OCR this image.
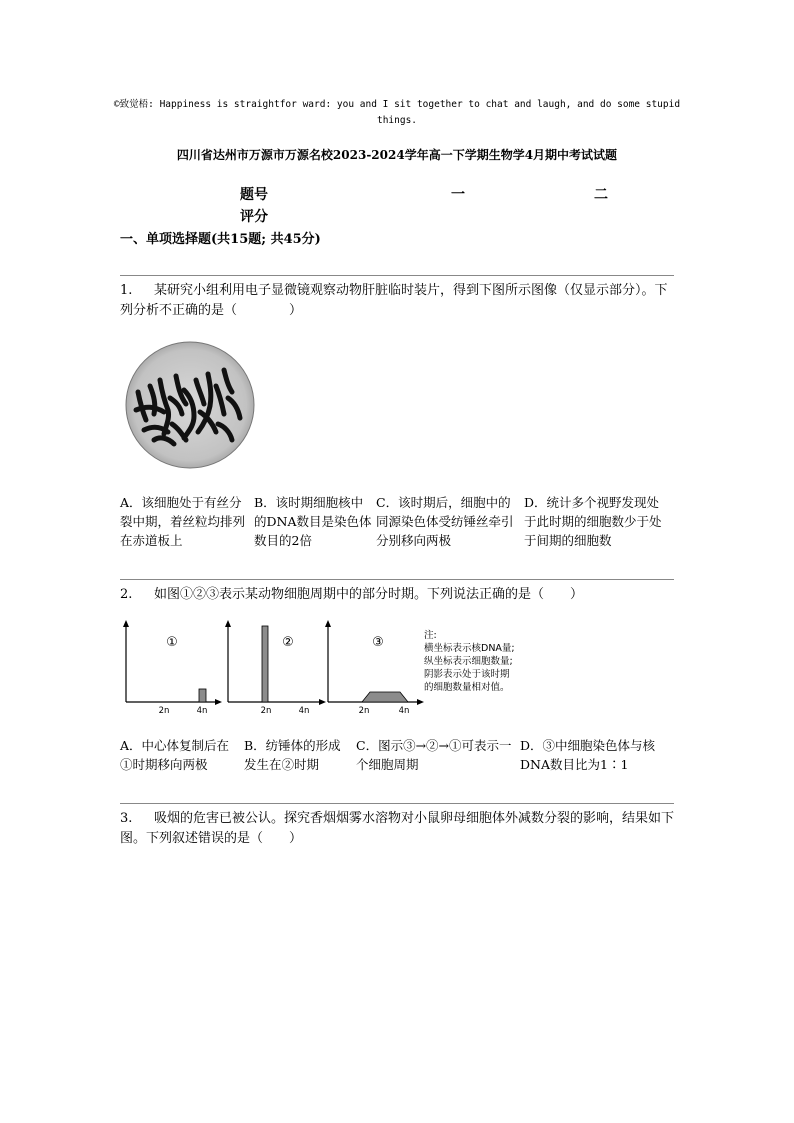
©致觉梧: Happiness is straightfor ward: you and I sit together to chat and laugh, and do some stupid things.
四川省达州市万源市万源名校2023-2024学年高一下学期生物学4月期中考试试题
题号	一	二
评分
一、单项选择题(共15题; 共45分)
1. 某研究小组利用电子显微镜观察动物肝脏临时装片，得到下图所示图像（仅显示部分）。下列分析不正确的是（　　　　）
A．该细胞处于有丝分裂中期，着丝粒均排列在赤道板上
B．该时期细胞核中的DNA数目是染色体数目的2倍
C．该时期后，细胞中的同源染色体受纺锤丝牵引分别移向两极
D．统计多个视野发现处于此时期的细胞数少于处于间期的细胞数
2. 如图①②③表示某动物细胞周期中的部分时期。下列说法正确的是（　　）
①	②	③
2n	4n	2n	4n	2n	4n
注:
横坐标表示核DNA量;
纵坐标表示细胞数量;
阴影表示处于该时期
的细胞数量相对值。
A．中心体复制后在①时期移向两极
B．纺锤体的形成发生在②时期
C．图示③→②→①可表示一个细胞周期
D．③中细胞染色体与核DNA数目比为1∶1
3. 吸烟的危害已被公认。探究香烟烟雾水溶物对小鼠卵母细胞体外减数分裂的影响，结果如下图。下列叙述错误的是（　　）
